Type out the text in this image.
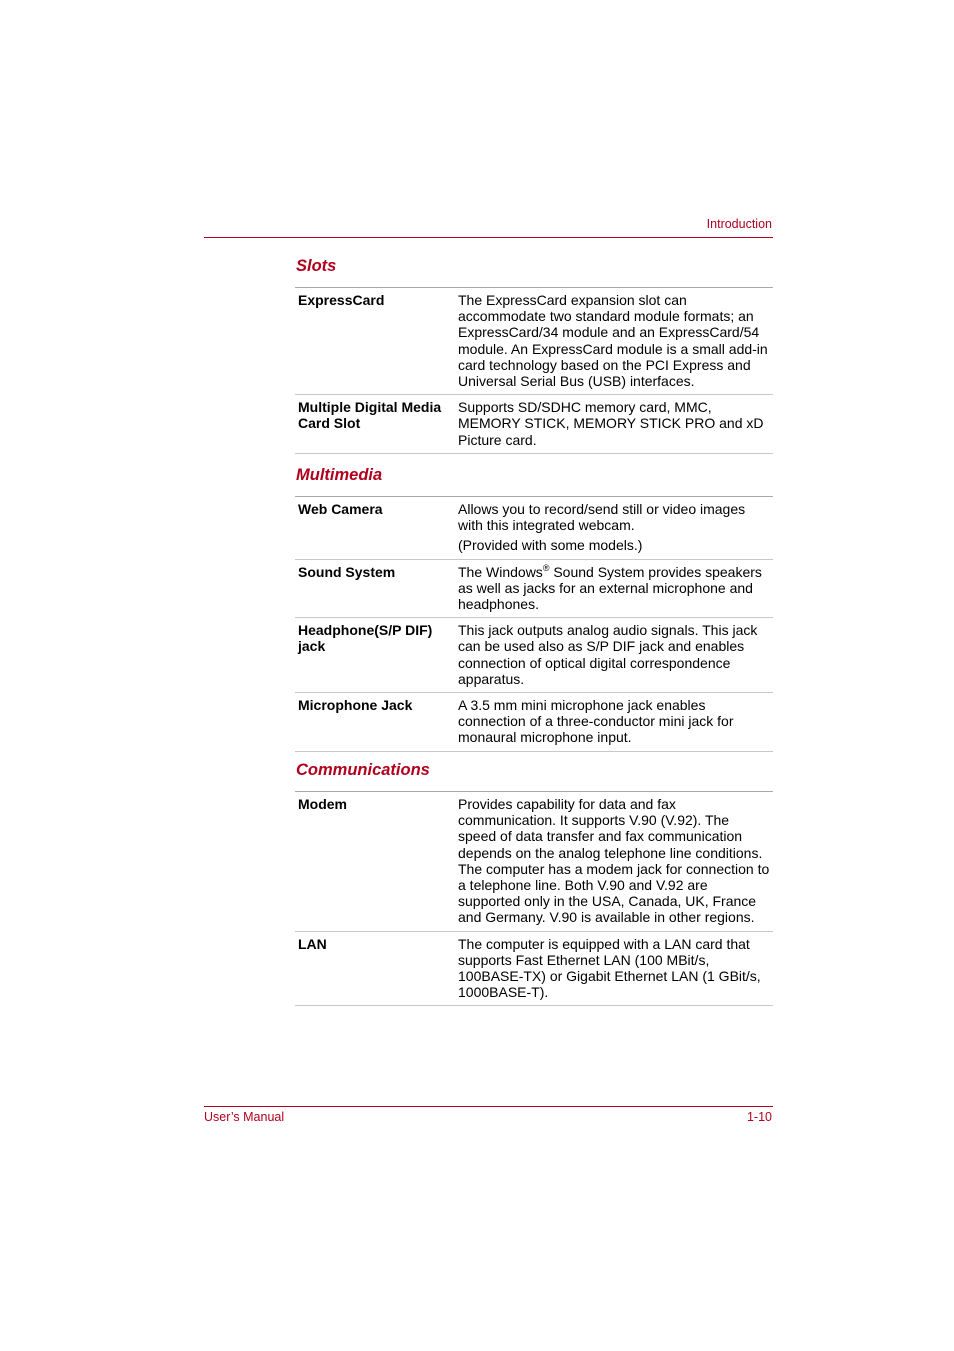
Introduction
Slots
ExpressCard	The ExpressCard expansion slot can accommodate two standard module formats; an ExpressCard/34 module and an ExpressCard/54 module. An ExpressCard module is a small add-in card technology based on the PCI Express and Universal Serial Bus (USB) interfaces.
Multiple Digital Media Card Slot	Supports SD/SDHC memory card, MMC, MEMORY STICK, MEMORY STICK PRO and xD Picture card.
Multimedia
Web Camera	Allows you to record/send still or video images with this integrated webcam.
(Provided with some models.)

Sound System	The Windows® Sound System provides speakers as well as jacks for an external microphone and headphones.
Headphone(S/P DIF) jack	This jack outputs analog audio signals. This jack can be used also as S/P DIF jack and enables connection of optical digital correspondence apparatus.
Microphone Jack	A 3.5 mm mini microphone jack enables connection of a three-conductor mini jack for monaural microphone input.
Communications
Modem	Provides capability for data and fax communication. It supports V.90 (V.92). The speed of data transfer and fax communication depends on the analog telephone line conditions. The computer has a modem jack for connection to a telephone line. Both V.90 and V.92 are supported only in the USA, Canada, UK, France and Germany. V.90 is available in other regions.
LAN	The computer is equipped with a LAN card that supports Fast Ethernet LAN (100 MBit/s, 100BASE-TX) or Gigabit Ethernet LAN (1 GBit/s, 1000BASE-T).
User’s Manual	1-10
